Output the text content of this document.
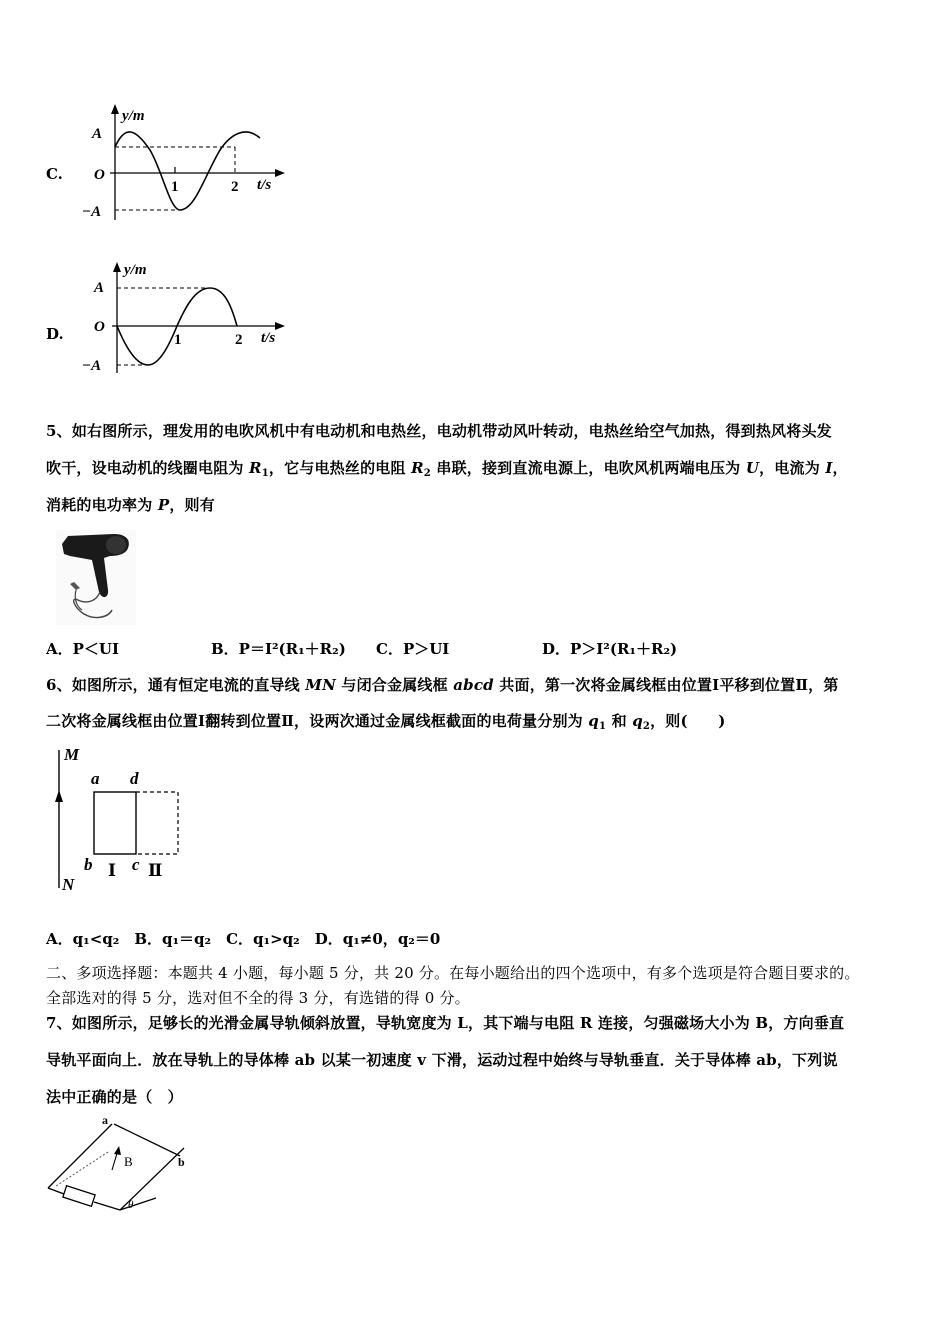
C.
y/m
A
O
−A
1	2 t/s
D.
y/m
A
O
−A
1	2 t/s
5、如右图所示，理发用的电吹风机中有电动机和电热丝，电动机带动风叶转动，电热丝给空气加热，得到热风将头发
吹干，设电动机的线圈电阻为 $R_1$，它与电热丝的电阻 $R_2$ 串联，接到直流电源上，电吹风机两端电压为 U，电流为 I，
消耗的电功率为 P，则有
A．P＜UI	B．P＝I²(R₁＋R₂) C．P＞UI	D．P＞I²(R₁＋R₂)
6、如图所示，通有恒定电流的直导线 MN 与闭合金属线框 abcd 共面，第一次将金属线框由位置Ⅰ平移到位置Ⅱ，第
二次将金属线框由位置Ⅰ翻转到位置Ⅱ，设两次通过金属线框截面的电荷量分别为 $q_1$ 和 $q_2$，则(　　)
M
N
a d
b Ⅰ c Ⅱ
A．q₁<q₂　B．q₁＝q₂　C．q₁>q₂　D．q₁≠0，q₂＝0
二、多项选择题：本题共 4 小题，每小题 5 分，共 20 分。在每小题给出的四个选项中，有多个选项是符合题目要求的。
全部选对的得 5 分，选对但不全的得 3 分，有选错的得 0 分。
7、如图所示，足够长的光滑金属导轨倾斜放置，导轨宽度为 L，其下端与电阻 R 连接，匀强磁场大小为 B，方向垂直
导轨平面向上．放在导轨上的导体棒 ab 以某一初速度 v 下滑，运动过程中始终与导轨垂直．关于导体棒 ab，下列说
法中正确的是（　）
a
b
B
θ
